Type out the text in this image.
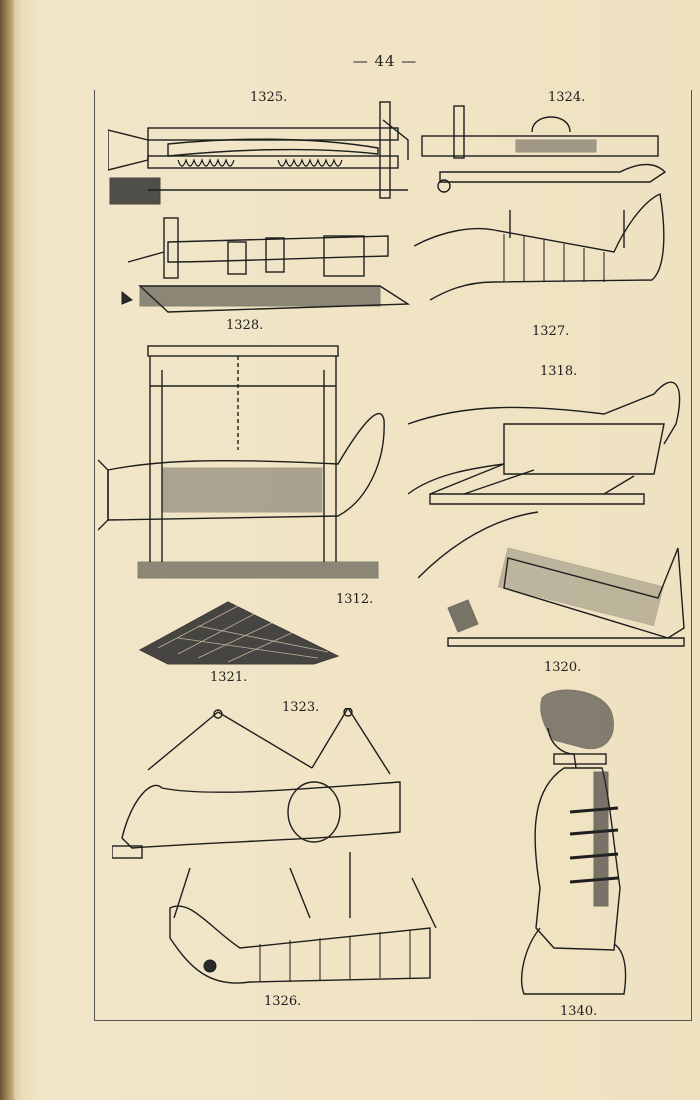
— 44 —
1325.	1324.
1328.	1327.
1318.
1312.
1321.
1320.
1323.
1326.
1340.
